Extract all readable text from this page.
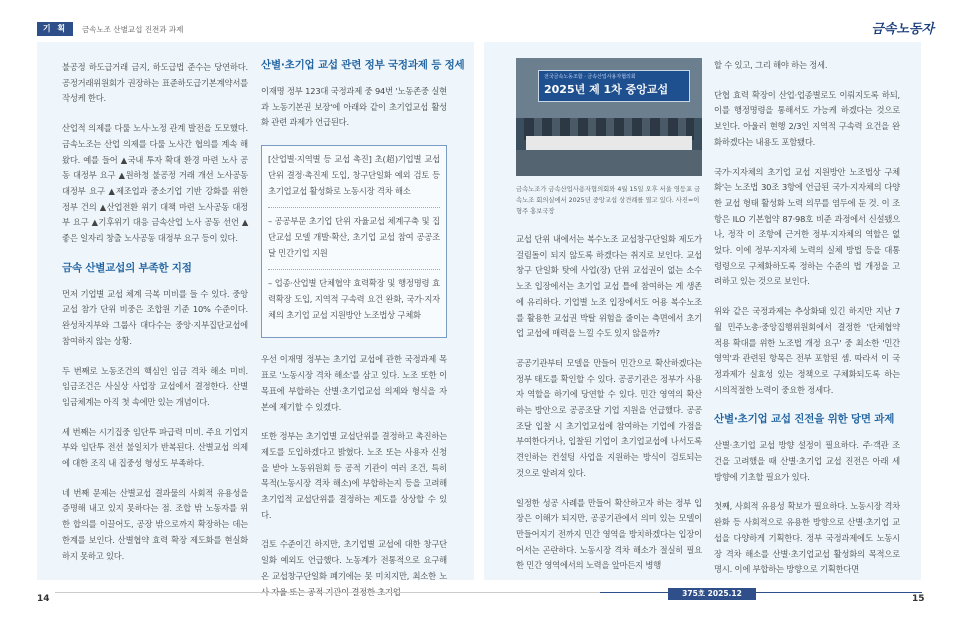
기 획	금속노조 산별교섭 진전과 과제	금속노동자

불공정 하도급거래 금지, 하도급법 준수는 당연하다. 공정거래위원회가 권장하는 표준하도급기본계약서를 작성케 한다.

산업적 의제를 다룰 노사·노정 관계 발전을 도모했다. 금속노조는 산업 의제를 다룰 노사간 협의를 계속 해왔다. 예를 들어 ▲국내 투자 확대 환경 마련 노사 공동 대정부 요구 ▲원하청 불공정 거래 개선 노사공동 대정부 요구 ▲제조업과 중소기업 기반 강화를 위한 정부 건의 ▲산업전환 위기 대책 마련 노사공동 대정부 요구 ▲기후위기 대응 금속산업 노사 공동 선언 ▲좋은 일자리 창출 노사공동 대정부 요구 등이 있다.

금속 산별교섭의 부족한 지점

먼저 기업별 교섭 체계 극복 미비를 들 수 있다. 중앙교섭 참가 단위 비중은 조합원 기준 10% 수준이다. 완성차지부와 그룹사 대다수는 중앙·지부집단교섭에 참여하지 않는 상황.

두 번째로 노동조건의 핵심인 임금 격차 해소 미비. 임금조건은 사실상 사업장 교섭에서 결정한다. 산별임금체계는 아직 첫 속에만 있는 개념이다.

세 번째는 시기집중 임단투 파급력 미비. 주요 기업지부와 임단투 전선 불일치가 반복된다. 산별교섭 의제에 대한 조직 내 집중성 형성도 부족하다.

네 번째 문제는 산별교섭 결과물의 사회적 유용성을 증명해 내고 있지 못하다는 점. 조합 밖 노동자를 위한 합의를 이끌어도, 공장 밖으로까지 확장하는 데는 한계를 보인다. 산별협약 효력 확장 제도화를 현실화하지 못하고 있다.

산별·초기업 교섭 관련 정부 국정과제 등 정세

이재명 정부 123대 국정과제 중 94번 '노동존중 실현과 노동기본권 보장'에 아래와 같이 초기업교섭 활성화 관련 과제가 언급된다.

[산업별·지역별 등 교섭 촉진] 초(超)기업별 교섭단위 결정·촉진제 도입, 창구단일화 예외 검토 등 초기업교섭 활성화로 노동시장 격차 해소

– 공공부문 초기업 단위 자율교섭 체계구축 및 집단교섭 모델 개발·확산, 초기업 교섭 참여 공공조달 민간기업 지원

– 업종·산업별 단체협약 효력확장 및 행정명령 효력확장 도입, 지역적 구속력 요건 완화, 국가·지자체의 초기업 교섭 지원방안 노조법상 구체화

우선 이재명 정부는 초기업 교섭에 관한 국정과제 목표로 '노동시장 격차 해소'를 삼고 있다. 노조 또한 이 목표에 부합하는 산별·초기업교섭 의제와 형식을 자본에 제기할 수 있겠다.

또한 정부는 초기업별 교섭단위를 결정하고 촉진하는 제도를 도입하겠다고 밝혔다. 노조 또는 사용자 신청을 받아 노동위원회 등 공적 기관이 여러 조건, 특히 목적(노동시장 격차 해소)에 부합하는지 등을 고려해 초기업적 교섭단위를 결정하는 제도를 상상할 수 있다.

검토 수준이긴 하지만, 초기업별 교섭에 대한 창구단일화 예외도 언급했다. 노동계가 전통적으로 요구해 온 교섭창구단일화 폐기에는 못 미치지만, 최소한 노

전국금속노동조합 · 금속산업사용자협의회
2025년 제 1차 중앙교섭
금속노조가 금속산업사용자협의회와 4월 15일 오후 서울 영등포 금속노조 회의실에서 2025년 중앙교섭 상견례를 열고 있다. 사진=이형주 홍보국장

교섭 단위 내에서는 복수노조 교섭창구단일화 제도가 걸림돌이 되지 않도록 하겠다는 취지로 보인다. 교섭창구 단일화 탓에 사업(장) 단위 교섭권이 없는 소수 노조 입장에서는 초기업 교섭 틀에 참여하는 게 생존에 유리하다. 기업별 노조 입장에서도 어용 복수노조를 활용한 교섭권 박탈 위험을 줄이는 측면에서 초기업 교섭에 매력을 느낄 수도 있지 않을까?

공공기관부터 모델을 만들어 민간으로 확산하겠다는 정부 태도를 확인할 수 있다. 공공기관은 정부가 사용자 역할을 하기에 당연할 수 있다. 민간 영역의 확산하는 방안으로 공공조달 기업 지원을 언급했다. 공공조달 입찰 시 초기업교섭에 참여하는 기업에 가점을 부여한다거나, 입찰된 기업이 초기업교섭에 나서도록 견인하는 컨설팅 사업을 지원하는 방식이 검토되는 것으로 알려져 있다.

일정한 성공 사례를 만들어 확산하고자 하는 정부 입장은 이해가 되지만, 공공기관에서 의미 있는 모델이 만들어지기 전까지 민간 영역을 방치하겠다는 입장이어서는 곤란하다. 노동시장 격차 해소가 절실히 필요한 민간 영역에서의 노력을 앞마든지 병행

할 수 있고, 그리 해야 하는 정세.

단협 효력 확장이 산업·업종별로도 이뤄지도록 하되, 이를 행정명령을 통해서도 가능케 하겠다는 것으로 보인다. 아울러 현행 2/3인 지역적 구속력 요건을 완화하겠다는 내용도 포함됐다.

국가·지자체의 초기업 교섭 지원방안 노조법상 구체화'는 노조법 30조 3항에 언급된 국가·지자체의 다양한 교섭 형태 활성화 노력 의무를 염두에 둔 것. 이 조항은 ILO 기본협약 87·98호 비준 과정에서 신설됐으나, 정작 이 조항에 근거한 정부·지자체의 역할은 없었다. 이에 정부·지자체 노력의 실체 방법 등을 대통령령으로 구체화하도록 정하는 수준의 법 개정을 고려하고 있는 것으로 보인다.

위와 같은 국정과제는 추상화돼 있긴 하지만 지난 7월 민주노총·중앙집행위원회에서 결정한 '단체협약 적용 확대를 위한 노조법 개정 요구' 중 최소한 '민간 영역'과 관련된 항목은 전부 포함된 셈. 따라서 이 국정과제가 실효성 있는 정책으로 구체화되도록 하는 시의적절한 노력이 중요한 정세다.

산별·초기업 교섭 진전을 위한 당면 과제

산별·초기업 교섭 방향 설정이 필요하다. 주·객관 조건을 고려했을 때 산별·초기업 교섭 진전은 아래 세 방향에 기초할 필요가 있다.

첫째, 사회적 유용성 확보가 필요하다. 노동시장 격차 완화 등 사회적으로 유용한 방향으로 산별·초기업 교섭을 다양하게 기획한다. 정부 국정과제에도 노동시장 격차 해소를 산별·초기업교섭 활성화의 목적으로 명시. 이에 부합하는 방향으로 기획한다면

375호 2025.12
14	15
